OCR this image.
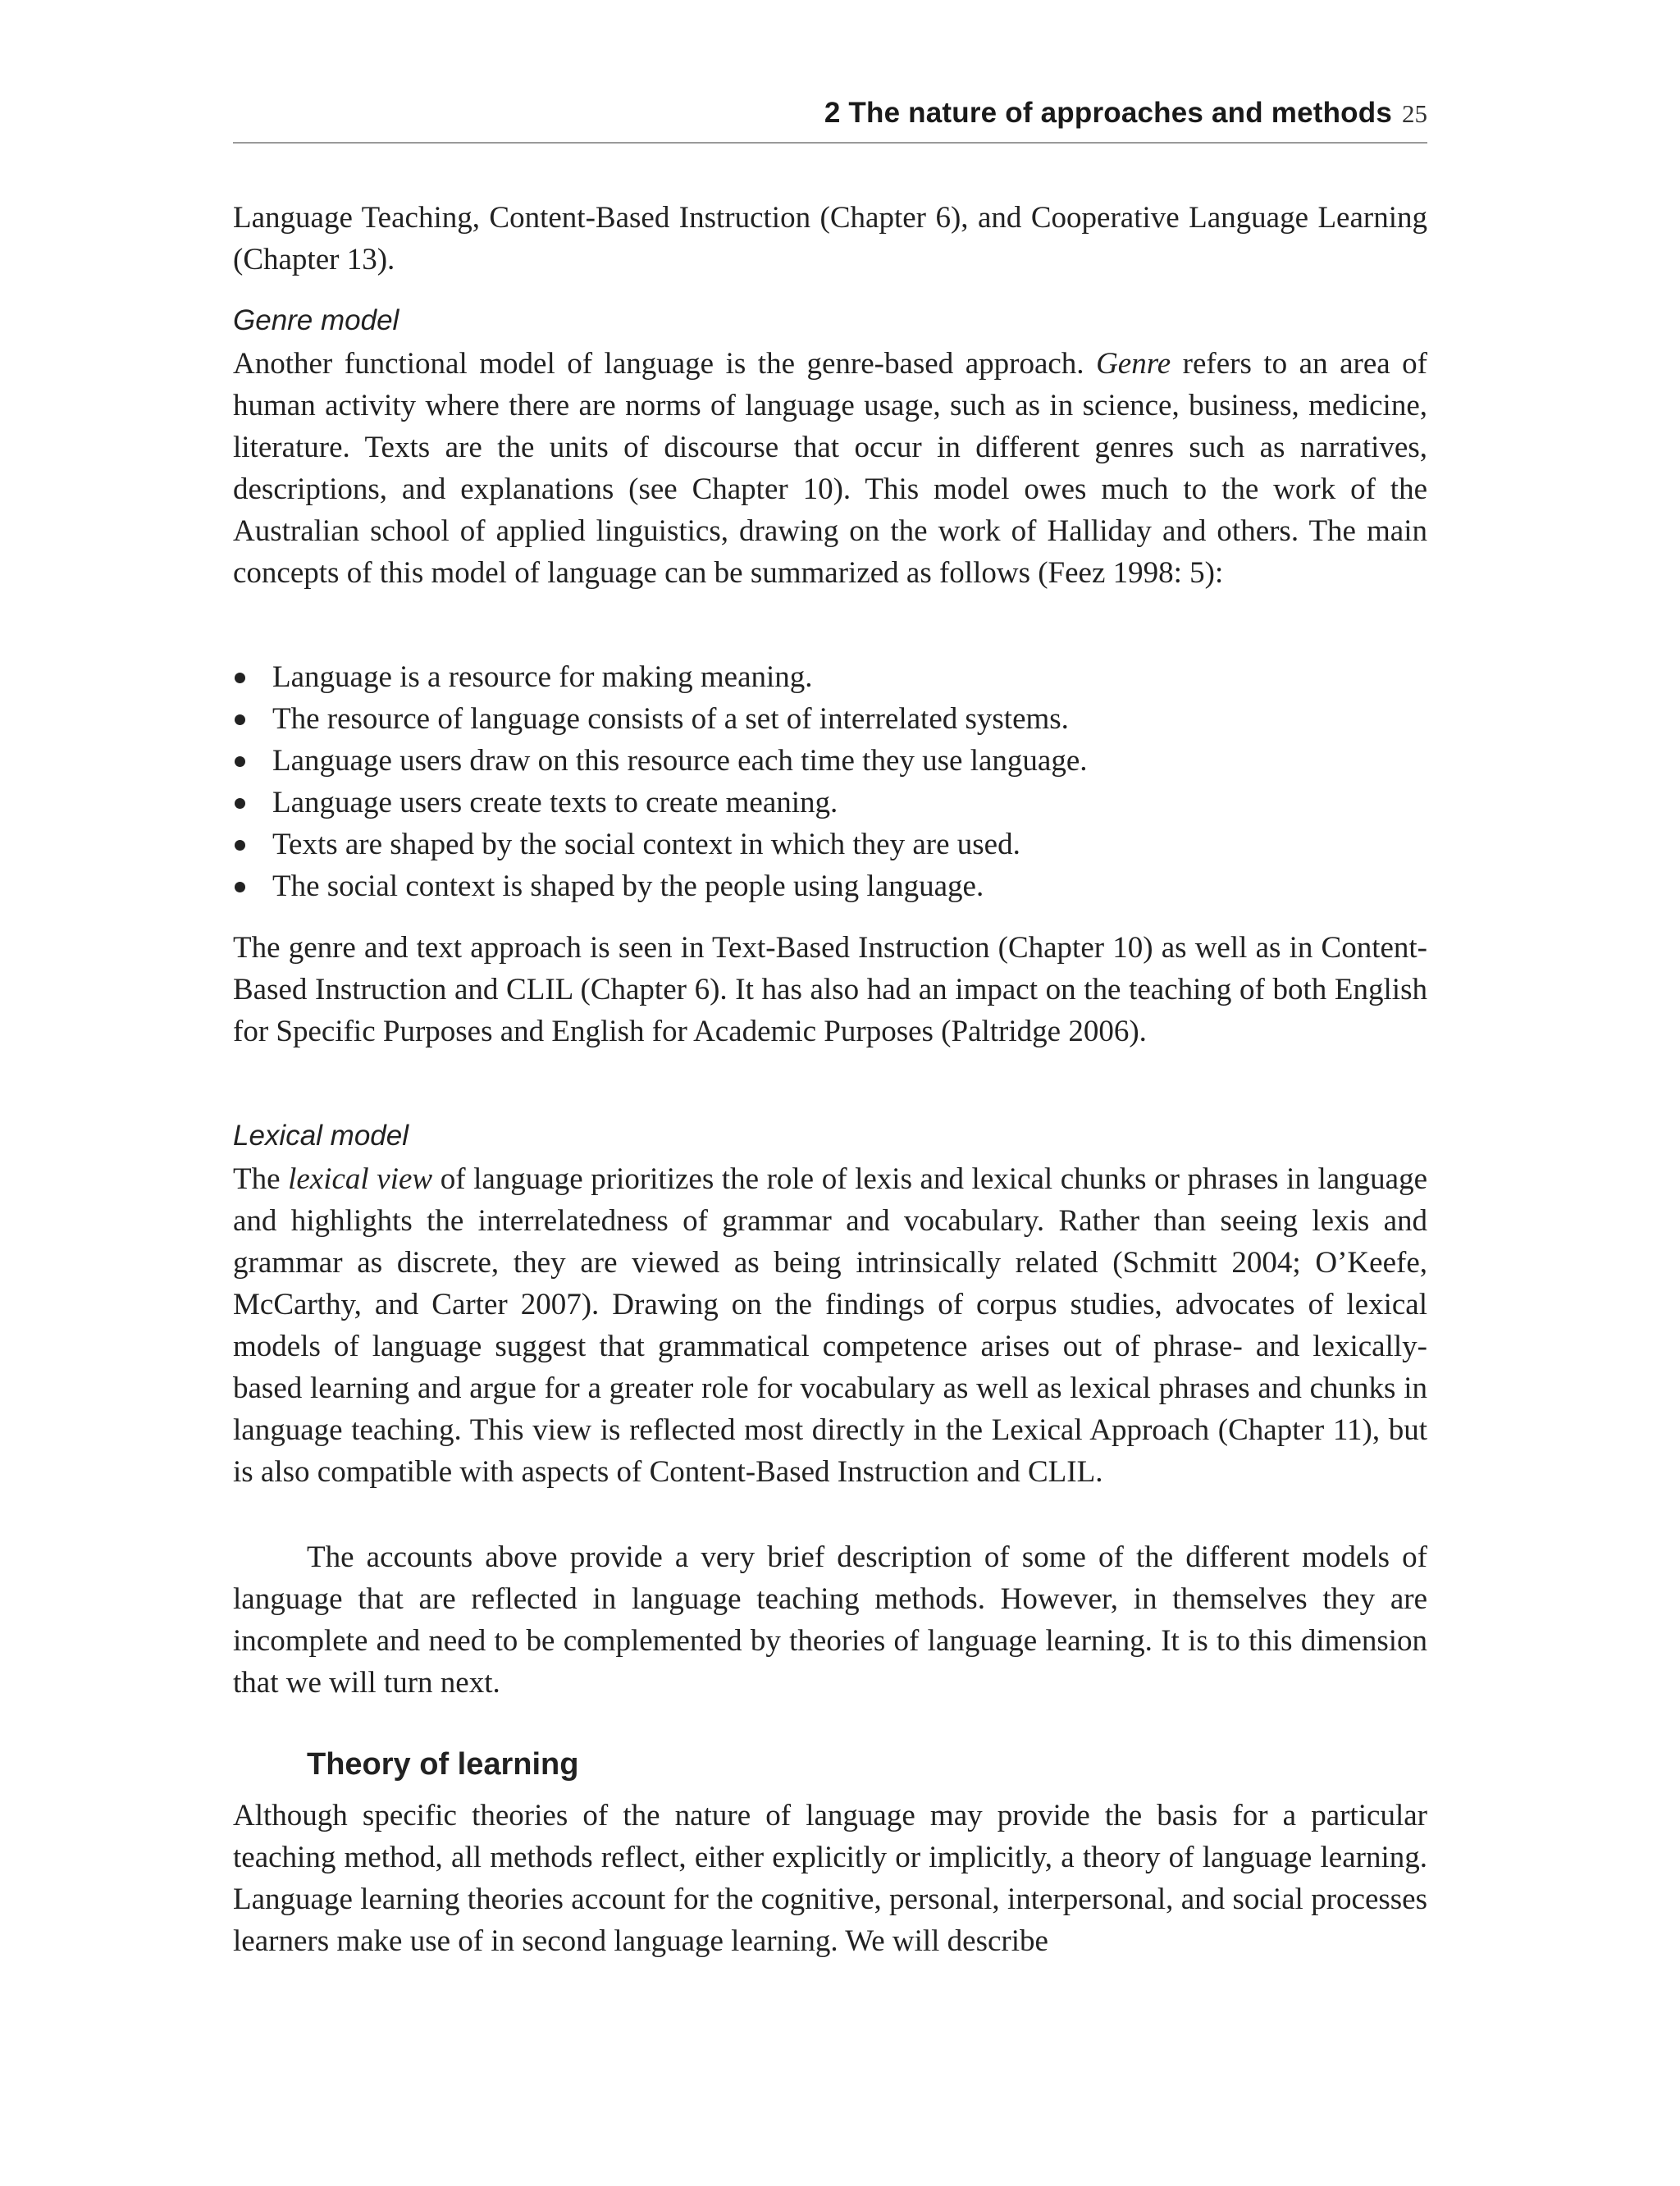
2 The nature of approaches and methods 25

Language Teaching, Content-Based Instruction (Chapter 6), and Cooperative Language Learning (Chapter 13).

Genre model

Another functional model of language is the genre-based approach. Genre refers to an area of human activity where there are norms of language usage, such as in science, business, medicine, literature. Texts are the units of discourse that occur in different genres such as narratives, descriptions, and explanations (see Chapter 10). This model owes much to the work of the Australian school of applied linguistics, drawing on the work of Halliday and others. The main concepts of this model of language can be summarized as follows (Feez 1998: 5):

Language is a resource for making meaning.
The resource of language consists of a set of interrelated systems.
Language users draw on this resource each time they use language.
Language users create texts to create meaning.
Texts are shaped by the social context in which they are used.
The social context is shaped by the people using language.

The genre and text approach is seen in Text-Based Instruction (Chapter 10) as well as in Content-Based Instruction and CLIL (Chapter 6). It has also had an impact on the teaching of both English for Specific Purposes and English for Academic Purposes (Paltridge 2006).

Lexical model

The lexical view of language prioritizes the role of lexis and lexical chunks or phrases in language and highlights the interrelatedness of grammar and vocabulary. Rather than seeing lexis and grammar as discrete, they are viewed as being intrinsically related (Schmitt 2004; O’Keefe, McCarthy, and Carter 2007). Drawing on the findings of corpus studies, advocates of lexical models of language suggest that grammatical competence arises out of phrase- and lexically-based learning and argue for a greater role for vocabulary as well as lexical phrases and chunks in language teaching. This view is reflected most directly in the Lexical Approach (Chapter 11), but is also compatible with aspects of Content-Based Instruction and CLIL.

The accounts above provide a very brief description of some of the different models of language that are reflected in language teaching methods. However, in themselves they are incomplete and need to be complemented by theories of language learning. It is to this dimension that we will turn next.

Theory of learning

Although specific theories of the nature of language may provide the basis for a particular teaching method, all methods reflect, either explicitly or implicitly, a theory of language learning. Language learning theories account for the cognitive, personal, interpersonal, and social processes learners make use of in second language learning. We will describe
